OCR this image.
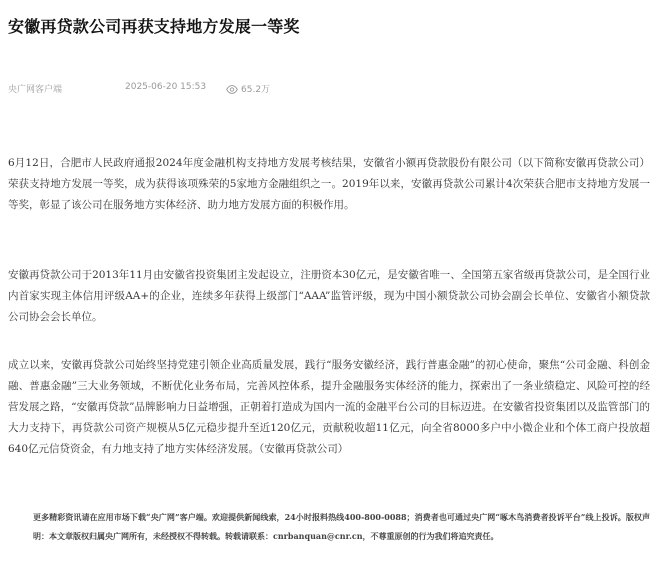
安徽再贷款公司再获支持地方发展一等奖
央广网客户端	2025-06-20 15:53	65.2万

6月12日，合肥市人民政府通报2024年度金融机构支持地方发展考核结果，安徽省小额再贷款股份有限公司（以下简称安徽再贷款公司）荣获支持地方发展一等奖，成为获得该项殊荣的5家地方金融组织之一。2019年以来，安徽再贷款公司累计4次荣获合肥市支持地方发展一等奖，彰显了该公司在服务地方实体经济、助力地方发展方面的积极作用。

安徽再贷款公司于2013年11月由安徽省投资集团主发起设立，注册资本30亿元，是安徽省唯一、全国第五家省级再贷款公司，是全国行业内首家实现主体信用评级AA+的企业，连续多年获得上级部门“AAA”监管评级，现为中国小额贷款公司协会副会长单位、安徽省小额贷款公司协会会长单位。

成立以来，安徽再贷款公司始终坚持党建引领企业高质量发展，践行“服务安徽经济，践行普惠金融”的初心使命，聚焦“公司金融、科创金融、普惠金融”三大业务领域，不断优化业务布局，完善风控体系，提升金融服务实体经济的能力，探索出了一条业绩稳定、风险可控的经营发展之路，“安徽再贷款”品牌影响力日益增强，正朝着打造成为国内一流的金融平台公司的目标迈进。在安徽省投资集团以及监管部门的大力支持下，再贷款公司资产规模从5亿元稳步提升至近120亿元，贡献税收超11亿元，向全省8000多户中小微企业和个体工商户投放超640亿元信贷资金，有力地支持了地方实体经济发展。（安徽再贷款公司）

更多精彩资讯请在应用市场下载“央广网”客户端。欢迎提供新闻线索，24小时报料热线400-800-0088；消费者也可通过央广网“啄木鸟消费者投诉平台”线上投诉。版权声明：本文章版权归属央广网所有，未经授权不得转载。转载请联系：cnrbanquan@cnr.cn，不尊重原创的行为我们将追究责任。
